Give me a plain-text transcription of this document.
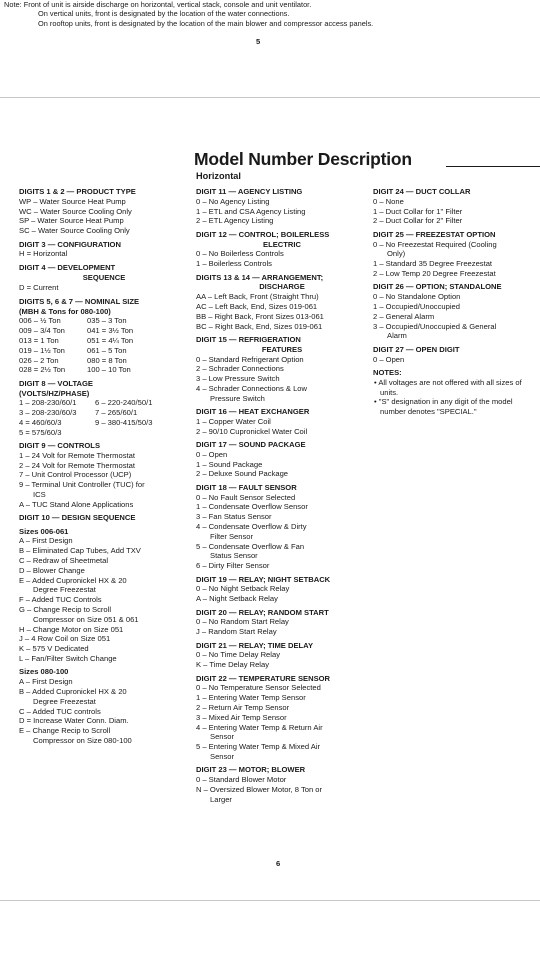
Note: Front of unit is airside discharge on horizontal, vertical stack, console and unit ventilator.
On vertical units, front is designated by the location of the water connections.
On rooftop units, front is designated by the location of the main blower and compressor access panels.
5
Model Number Description
Horizontal
DIGITS 1 & 2 — PRODUCT TYPE
WP – Water Source Heat Pump
WC – Water Source Cooling Only
SP – Water Source Heat Pump
SC – Water Source Cooling Only
DIGIT 3 — CONFIGURATION
H = Horizontal
DIGIT 4 — DEVELOPMENT
SEQUENCE
D = Current
DIGITS 5, 6 & 7 — NOMINAL SIZE
(MBH & Tons for 080-100)
006 – ½ Ton	035 – 3 Ton
009 – 3/4 Ton	041 = 3½ Ton
013 = 1 Ton	051 = 4¼ Ton
019 – 1½ Ton	061 – 5 Ton
026 – 2 Ton	080 = 8 Ton
028 = 2½ Ton	100 – 10 Ton
DIGIT 8 — VOLTAGE
(VOLTS/HZ/PHASE)
1 – 208-230/60/1	6 – 220-240/50/1
3 – 208-230/60/3	7 – 265/60/1
4 = 460/60/3	9 – 380-415/50/3
5 = 575/60/3
DIGIT 9 — CONTROLS
1 – 24 Volt for Remote Thermostat
2 – 24 Volt for Remote Thermostat
7 – Unit Control Processor (UCP)
9 – Terminal Unit Controller (TUC) for
ICS
A – TUC Stand Alone Applications
DIGIT 10 — DESIGN SEQUENCE
Sizes 006-061
A – First Design
B – Eliminated Cap Tubes, Add TXV
C – Redraw of Sheetmetal
D – Blower Change
E – Added Cupronickel HX & 20
Degree Freezestat
F – Added TUC Controls
G – Change Recip to Scroll
Compressor on Size 051 & 061
H – Change Motor on Size 051
J – 4 Row Coil on Size 051
K – 575 V Dedicated
L – Fan/Filter Switch Change
Sizes 080-100
A – First Design
B – Added Cupronickel HX & 20
Degree Freezestat
C – Added TUC controls
D = Increase Water Conn. Diam.
E – Change Recip to Scroll
Compressor on Size 080-100
DIGIT 11 — AGENCY LISTING
0 – No Agency Listing
1 – ETL and CSA Agency Listing
2 – ETL Agency Listing
DIGIT 12 — CONTROL; BOILERLESS
ELECTRIC
0 – No Boilerless Controls
1 – Boilerless Controls
DIGITS 13 & 14 — ARRANGEMENT;
DISCHARGE
AA – Left Back, Front (Straight Thru)
AC – Left Back, End, Sizes 019-061
BB – Right Back, Front Sizes 013-061
BC – Right Back, End, Sizes 019-061
DIGIT 15 — REFRIGERATION
FEATURES
0 – Standard Refrigerant Option
2 – Schrader Connections
3 – Low Pressure Switch
4 – Schrader Connections & Low
Pressure Switch
DIGIT 16 — HEAT EXCHANGER
1 – Copper Water Coil
2 – 90/10 Cupronickel Water Coil
DIGIT 17 — SOUND PACKAGE
0 – Open
1 – Sound Package
2 – Deluxe Sound Package
DIGIT 18 — FAULT SENSOR
0 – No Fault Sensor Selected
1 – Condensate Overflow Sensor
3 – Fan Status Sensor
4 – Condensate Overflow & Dirty
Filter Sensor
5 – Condensate Overflow & Fan
Status Sensor
6 – Dirty Filter Sensor
DIGIT 19 — RELAY; NIGHT SETBACK
0 – No Night Setback Relay
A – Night Setback Relay
DIGIT 20 — RELAY; RANDOM START
0 – No Random Start Relay
J – Random Start Relay
DIGIT 21 — RELAY; TIME DELAY
0 – No Time Delay Relay
K – Time Delay Relay
DIGIT 22 — TEMPERATURE SENSOR
0 – No Temperature Sensor Selected
1 – Entering Water Temp Sensor
2 – Return Air Temp Sensor
3 – Mixed Air Temp Sensor
4 – Entering Water Temp & Return Air
Sensor
5 – Entering Water Temp & Mixed Air
Sensor
DIGIT 23 — MOTOR; BLOWER
0 – Standard Blower Motor
N – Oversized Blower Motor, 8 Ton or
Larger
DIGIT 24 — DUCT COLLAR
0 – None
1 – Duct Collar for 1" Filter
2 – Duct Collar for 2" Filter
DIGIT 25 — FREEZESTAT OPTION
0 – No Freezestat Required (Cooling
Only)
1 – Standard 35 Degree Freezestat
2 – Low Temp 20 Degree Freezestat
DIGIT 26 — OPTION; STANDALONE
0 – No Standalone Option
1 – Occupied/Unoccupied
2 – General Alarm
3 – Occupied/Unoccupied & General
Alarm
DIGIT 27 — OPEN DIGIT
0 – Open
NOTES:
• All voltages are not offered with all sizes of units.
• "S" designation in any digit of the model number denotes "SPECIAL."
6
